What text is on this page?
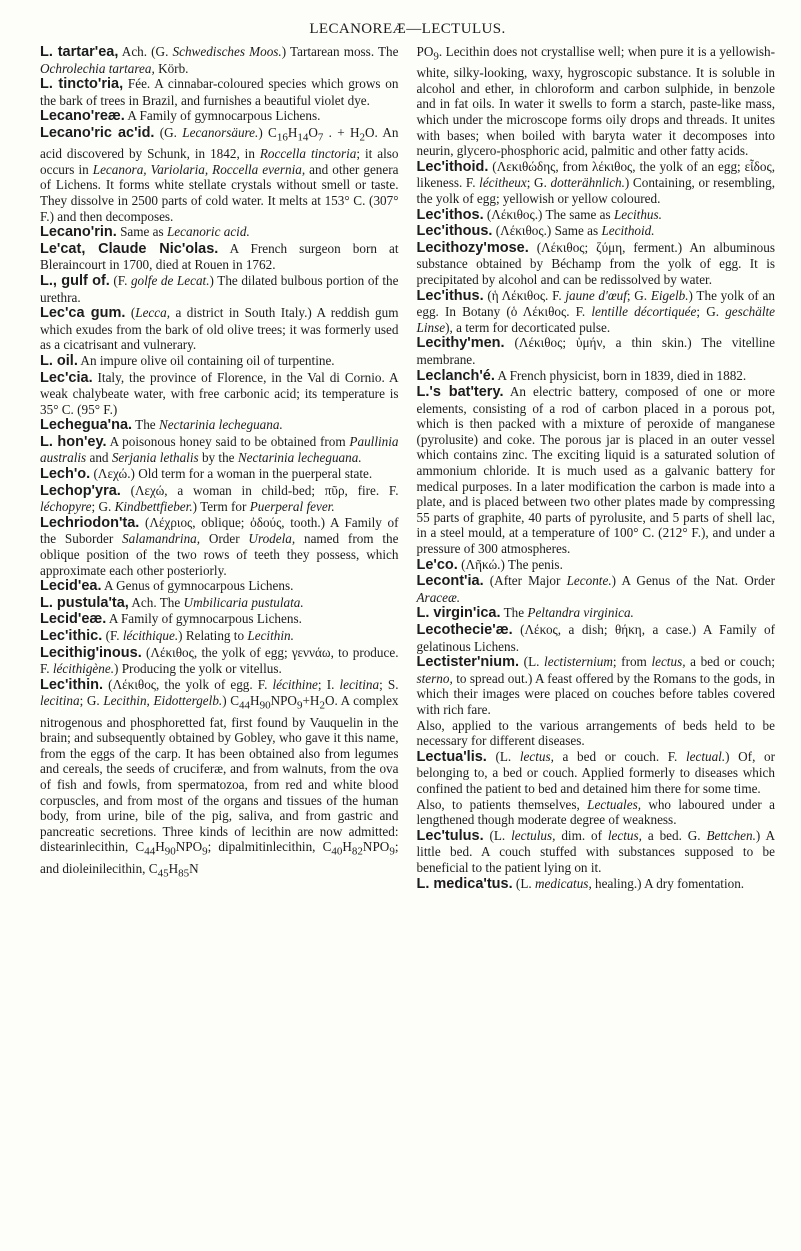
LECANOREÆ—LECTULUS.

L. tartar'ea, Ach. (G. Schwedisches Moos.) Tartarean moss. The Ochrolechia tartarea, Körb.

L. tincto'ria, Fée. A cinnabar-coloured species which grows on the bark of trees in Brazil, and furnishes a beautiful violet dye.

Lecano'reæ. A Family of gymnocarpous Lichens.

Lecano'ric ac'id. (G. Lecanorsäure.) $C_{16}H_{14}O_7$ . + $H_2O$. An acid discovered by Schunk, in 1842, in Roccella tinctoria; it also occurs in Lecanora, Variolaria, Roccella evernia, and other genera of Lichens. It forms white stellate crystals without smell or taste. They dissolve in 2500 parts of cold water. It melts at 153° C. (307° F.) and then decomposes.

Lecano'rin. Same as Lecanoric acid.

Le'cat, Claude Nic'olas. A French surgeon born at Bleraincourt in 1700, died at Rouen in 1762.

L., gulf of. (F. golfe de Lecat.) The dilated bulbous portion of the urethra.

Lec'ca gum. (Lecca, a district in South Italy.) A reddish gum which exudes from the bark of old olive trees; it was formerly used as a cicatrisant and vulnerary.

L. oil. An impure olive oil containing oil of turpentine.

Lec'cia. Italy, the province of Florence, in the Val di Cornio. A weak chalybeate water, with free carbonic acid; its temperature is 35° C. (95° F.)

Lechegua'na. The Nectarinia lecheguana.

L. hon'ey. A poisonous honey said to be obtained from Paullinia australis and Serjania lethalis by the Nectarinia lecheguana.

Lech'o. (Λεχώ.) Old term for a woman in the puerperal state.

Lechop'yra. (Λεχώ, a woman in child-bed; πῦρ, fire. F. léchopyre; G. Kindbettfieber.) Term for Puerperal fever.

Lechriodon'ta. (Λέχριος, oblique; ὀδούς, tooth.) A Family of the Suborder Salamandrina, Order Urodela, named from the oblique position of the two rows of teeth they possess, which approximate each other posteriorly.

Lecid'ea. A Genus of gymnocarpous Lichens.

L. pustula'ta, Ach. The Umbilicaria pustulata.

Lecid'eæ. A Family of gymnocarpous Lichens.

Lec'ithic. (F. lécithique.) Relating to Lecithin.

Lecithig'inous. (Λέκιθος, the yolk of egg; γεννάω, to produce. F. lécithigène.) Producing the yolk or vitellus.

Lec'ithin. (Λέκιθος, the yolk of egg. F. lécithine; I. lecitina; S. lecitina; G. Lecithin, Eidottergelb.) $C_{44}H_{90}NPO_9+H_2O$. A complex nitrogenous and phosphoretted fat, first found by Vauquelin in the brain; and subsequently obtained by Gobley, who gave it this name, from the eggs of the carp. It has been obtained also from legumes and cereals, the seeds of cruciferæ, and from walnuts, from the ova of fish and fowls, from spermatozoa, from red and white blood corpuscles, and from most of the organs and tissues of the human body, from urine, bile of the pig, saliva, and from gastric and pancreatic secretions. Three kinds of lecithin are now admitted: distearinlecithin, $C_{44}H_{90}NPO_9$; dipalmitinlecithin, $C_{40}H_{82}NPO_9$; and dioleinilecithin, $C_{45}H_{85}N$

$PO_9$. Lecithin does not crystallise well; when pure it is a yellowish-white, silky-looking, waxy, hygroscopic substance. It is soluble in alcohol and ether, in chloroform and carbon sulphide, in benzole and in fat oils. In water it swells to form a starch, paste-like mass, which under the microscope forms oily drops and threads. It unites with bases; when boiled with baryta water it decomposes into neurin, glycero-phosphoric acid, palmitic and other fatty acids.

Lec'ithoid. (Λεκιθώδης, from λέκιθος, the yolk of an egg; εἶδος, likeness. F. lécitheux; G. dotterähnlich.) Containing, or resembling, the yolk of egg; yellowish or yellow coloured.

Lec'ithos. (Λέκιθος.) The same as Lecithus.

Lec'ithous. (Λέκιθος.) Same as Lecithoid.

Lecithozy'mose. (Λέκιθος; ζύμη, ferment.) An albuminous substance obtained by Béchamp from the yolk of egg. It is precipitated by alcohol and can be redissolved by water.

Lec'ithus. (ἡ Λέκιθος. F. jaune d'œuf; G. Eigelb.) The yolk of an egg. In Botany (ὁ Λέκιθος. F. lentille décortiquée; G. geschälte Linse), a term for decorticated pulse.

Lecithy'men. (Λέκιθος; ὑμήν, a thin skin.) The vitelline membrane.

Leclanch'é. A French physicist, born in 1839, died in 1882.

L.'s bat'tery. An electric battery, composed of one or more elements, consisting of a rod of carbon placed in a porous pot, which is then packed with a mixture of peroxide of manganese (pyrolusite) and coke. The porous jar is placed in an outer vessel which contains zinc. The exciting liquid is a saturated solution of ammonium chloride. It is much used as a galvanic battery for medical purposes. In a later modification the carbon is made into a plate, and is placed between two other plates made by compressing 55 parts of graphite, 40 parts of pyrolusite, and 5 parts of shell lac, in a steel mould, at a temperature of 100° C. (212° F.), and under a pressure of 300 atmospheres.

Le'co. (Λῆκώ.) The penis.

Lecont'ia. (After Major Leconte.) A Genus of the Nat. Order Araceæ.

L. virgin'ica. The Peltandra virginica.

Lecothecie'æ. (Λέκος, a dish; θήκη, a case.) A Family of gelatinous Lichens.

Lectister'nium. (L. lectisternium; from lectus, a bed or couch; sterno, to spread out.) A feast offered by the Romans to the gods, in which their images were placed on couches before tables covered with rich fare.

Also, applied to the various arrangements of beds held to be necessary for different diseases.

Lectua'lis. (L. lectus, a bed or couch. F. lectual.) Of, or belonging to, a bed or couch. Applied formerly to diseases which confined the patient to bed and detained him there for some time.

Also, to patients themselves, Lectuales, who laboured under a lengthened though moderate degree of weakness.

Lec'tulus. (L. lectulus, dim. of lectus, a bed. G. Bettchen.) A little bed. A couch stuffed with substances supposed to be beneficial to the patient lying on it.

L. medica'tus. (L. medicatus, healing.) A dry fomentation.
